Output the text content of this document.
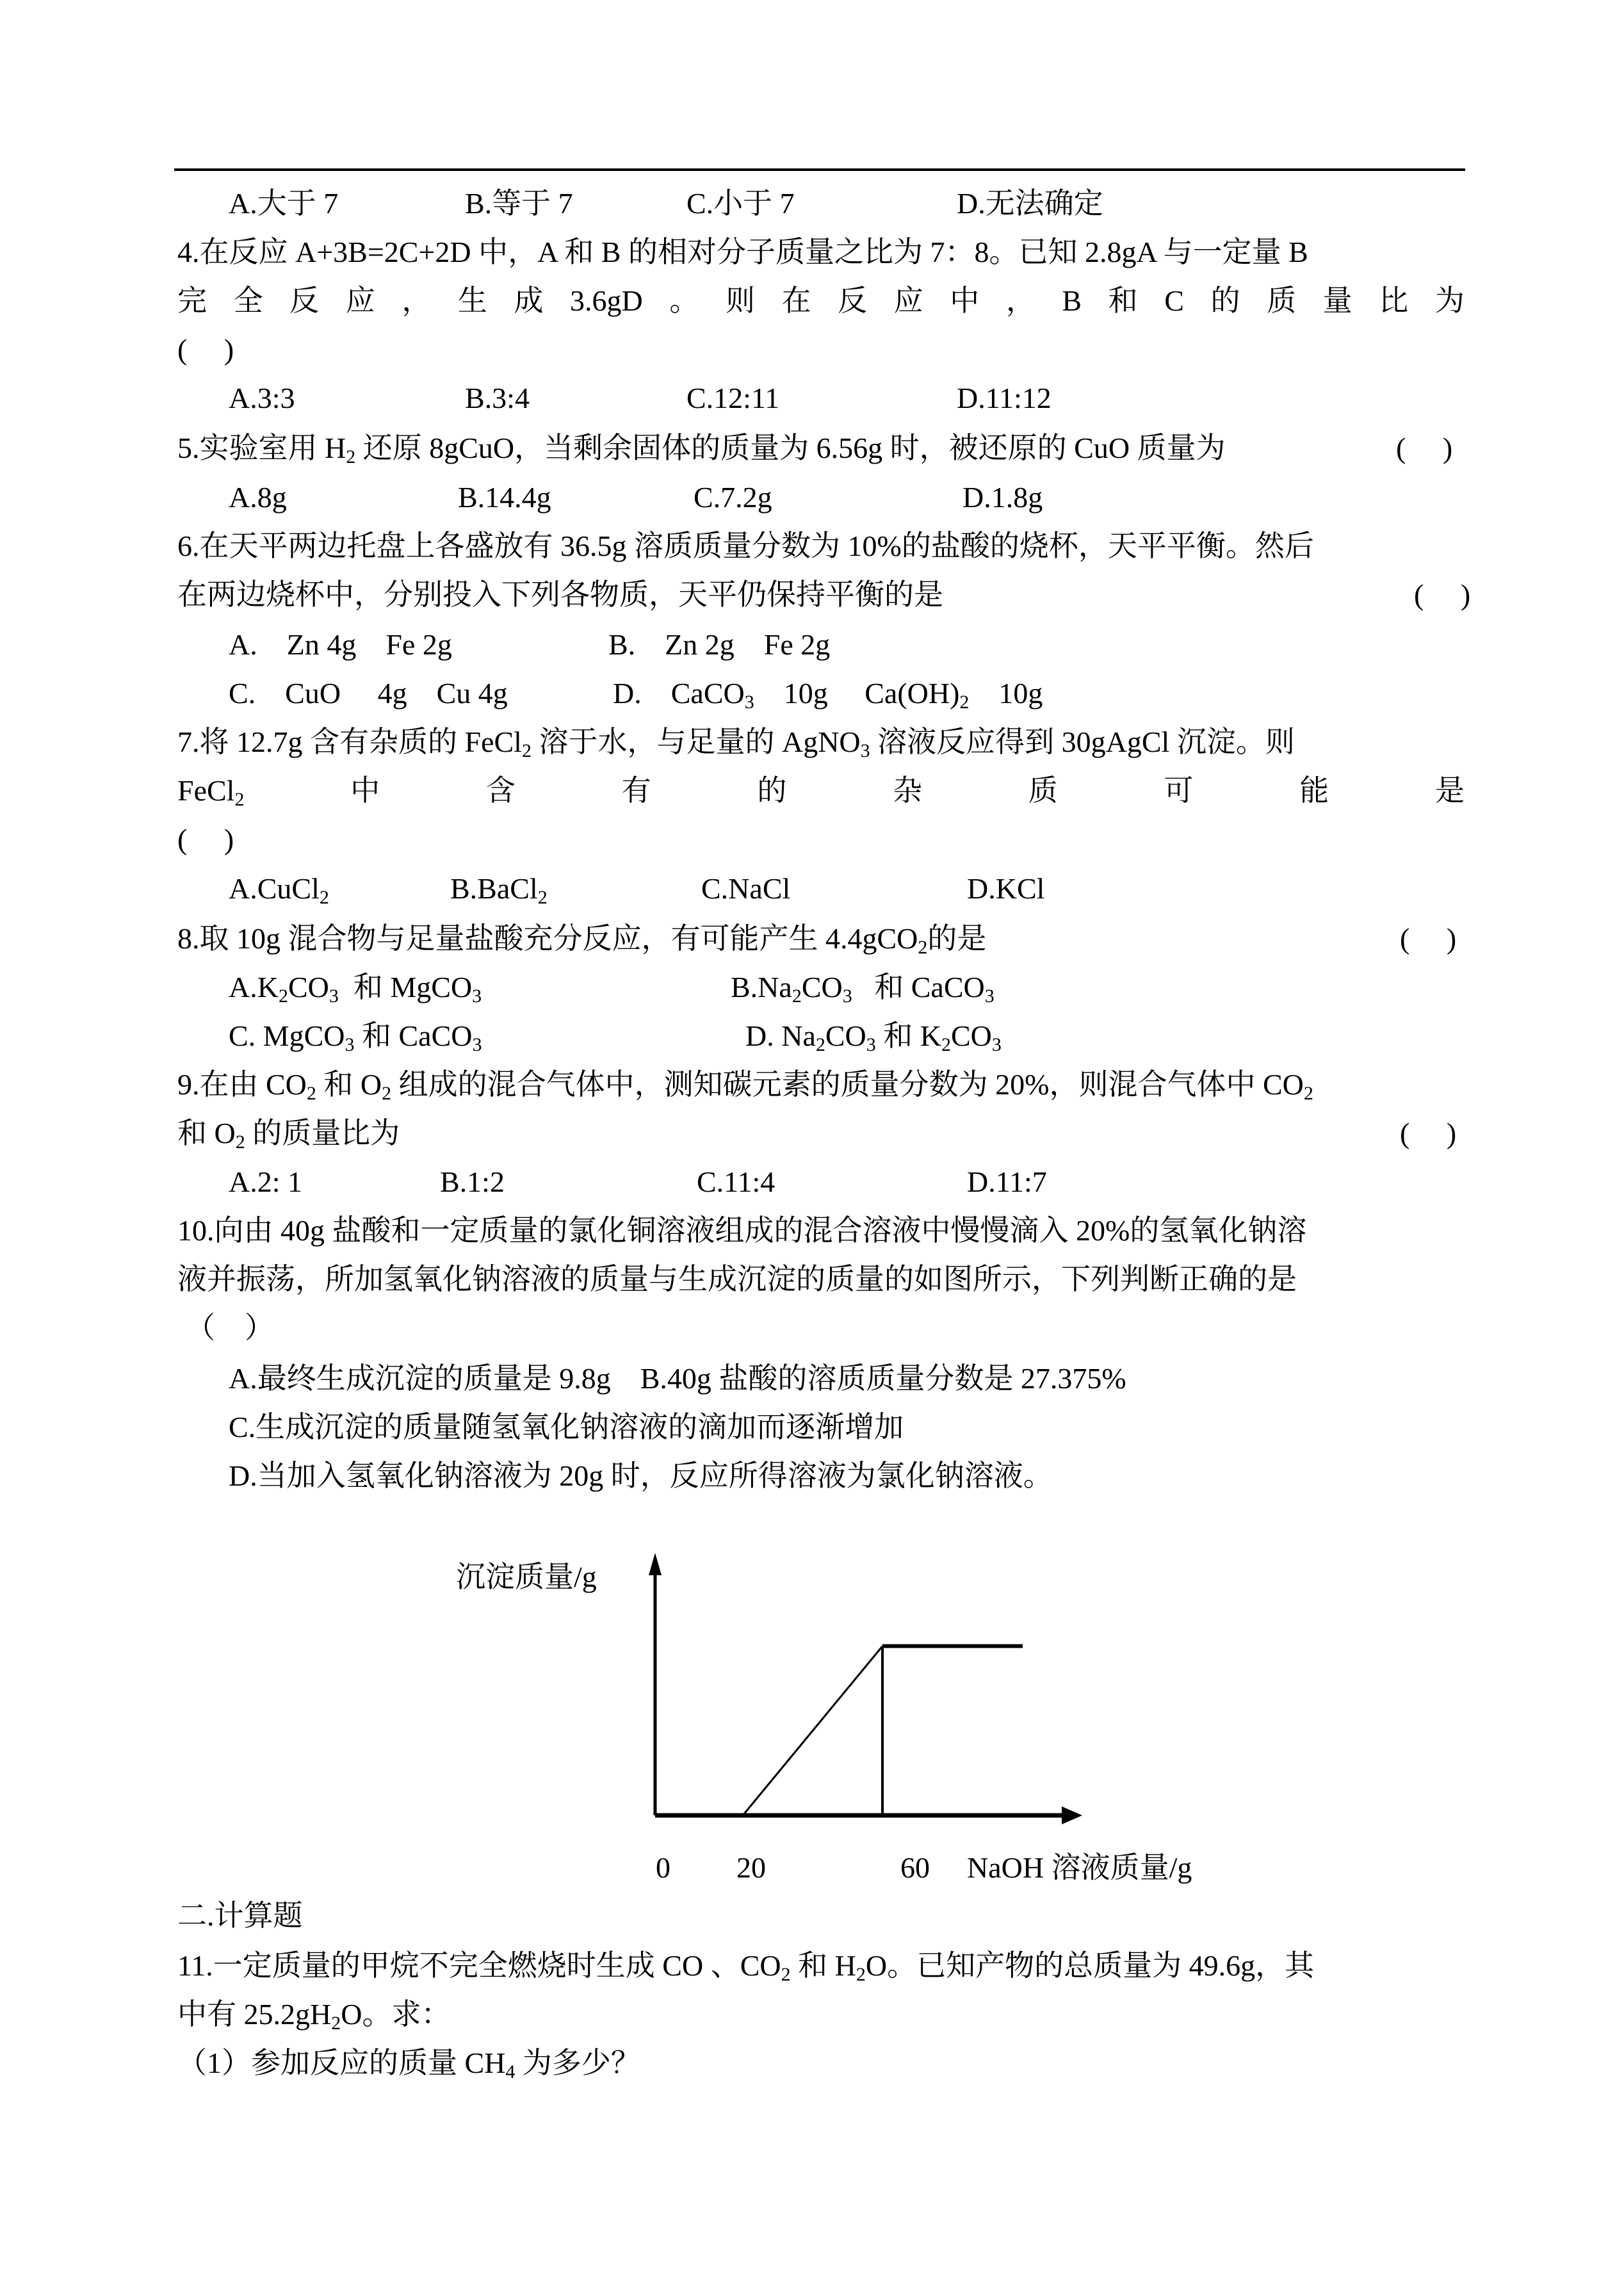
A.大于 7	B.等于 7	C.小于 7	D.无法确定
4.在反应 A+3B=2C+2D 中，A 和 B 的相对分子质量之比为 7：8。已知 2.8gA 与一定量 B
完 全 反 应 ， 生 成 3.6gD 。 则 在 反 应 中 ， B 和 C 的 质 量 比 为
(     )
A.3:3	B.3:4	C.12:11	D.11:12
5.实验室用 $H_2$ 还原 8gCuO，当剩余固体的质量为 6.56g 时，被还原的 CuO 质量为	(     )
A.8g	B.14.4g	C.7.2g	D.1.8g
6.在天平两边托盘上各盛放有 36.5g 溶质质量分数为 10%的盐酸的烧杯，天平平衡。然后
在两边烧杯中，分别投入下列各物质，天平仍保持平衡的是	(     )
A.    Zn 4g    Fe 2g	B.    Zn 2g    Fe 2g
C.    CuO     4g    Cu 4g	D.    CaCO$_3$    10g     $Ca(OH)_2$    10g
7.将 12.7g 含有杂质的 FeCl$_2$ 溶于水，与足量的 AgNO$_3$ 溶液反应得到 30gAgCl 沉淀。则
FeCl$_2$	中	含	有	的	杂	质	可	能	是
(     )
A.CuCl$_2$	B.BaCl$_2$	C.NaCl	D.KCl
8.取 10g 混合物与足量盐酸充分反应，有可能产生 4.4gCO$_2$的是	(     )
$A.K_2CO_3$  和 MgCO$_3$	$B.Na_2CO_3$   和 CaCO$_3$
C. MgCO$_3$ 和 CaCO$_3$	D. $Na_2CO_3$ 和 $K_2CO_3$
9.在由 $CO_2$ 和 $O_2$ 组成的混合气体中，测知碳元素的质量分数为 20%，则混合气体中 $CO_2$
和 $O_2$ 的质量比为	(     )
A.2: 1	B.1:2	C.11:4	D.11:7
10.向由 40g 盐酸和一定质量的氯化铜溶液组成的混合溶液中慢慢滴入 20%的氢氧化钠溶
液并振荡，所加氢氧化钠溶液的质量与生成沉淀的质量的如图所示，下列判断正确的是
（    ）
A.最终生成沉淀的质量是 9.8g    B.40g 盐酸的溶质质量分数是 27.375%
C.生成沉淀的质量随氢氧化钠溶液的滴加而逐渐增加
D.当加入氢氧化钠溶液为 20g 时，反应所得溶液为氯化钠溶液。
二.计算题
11.一定质量的甲烷不完全燃烧时生成 CO 、$CO_2$ 和 $H_2O$。已知产物的总质量为 49.6g，其
中有 $25.2gH_2O$。求：
（1）参加反应的质量 $CH_4$ 为多少？
沉淀质量/g
NaOH 溶液质量/g
0 20	60
